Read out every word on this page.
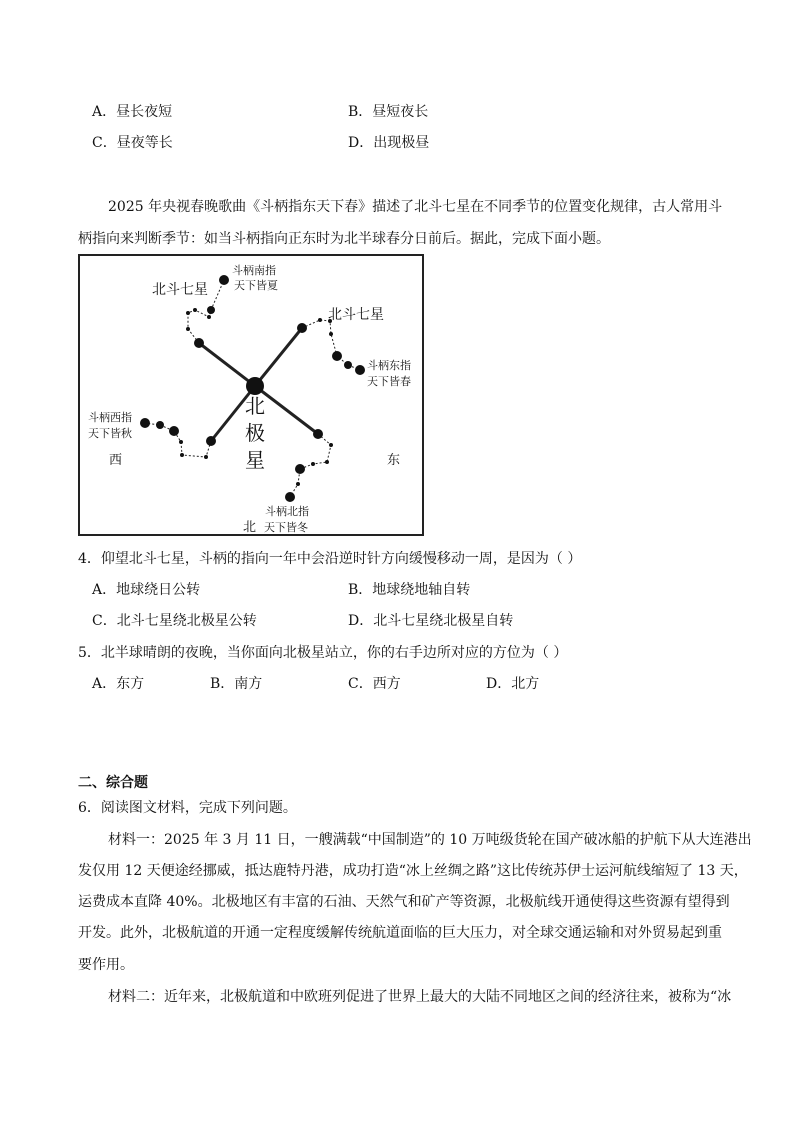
A．昼长夜短	B．昼短夜长
C．昼夜等长	D．出现极昼
2025 年央视春晚歌曲《斗柄指东天下春》描述了北斗七星在不同季节的位置变化规律，古人常用斗
柄指向来判断季节：如当斗柄指向正东时为北半球春分日前后。据此，完成下面小题。
北斗七星
北斗七星
斗柄南指
天下皆夏
斗柄东指
天下皆春
斗柄西指
天下皆秋
斗柄北指
天下皆冬
北
极
星
西	东
北
4．仰望北斗七星，斗柄的指向一年中会沿逆时针方向缓慢移动一周，是因为（ ）
A．地球绕日公转	B．地球绕地轴自转
C．北斗七星绕北极星公转	D．北斗七星绕北极星自转
5．北半球晴朗的夜晚，当你面向北极星站立，你的右手边所对应的方位为（ ）
A．东方	B．南方	C．西方	D．北方
二、综合题
6．阅读图文材料，完成下列问题。
材料一：2025 年 3 月 11 日，一艘满载“中国制造”的 10 万吨级货轮在国产破冰船的护航下从大连港出
发仅用 12 天便途经挪威，抵达鹿特丹港，成功打造“冰上丝绸之路”这比传统苏伊士运河航线缩短了 13 天，
运费成本直降 40%。北极地区有丰富的石油、天然气和矿产等资源，北极航线开通使得这些资源有望得到
开发。此外，北极航道的开通一定程度缓解传统航道面临的巨大压力，对全球交通运输和对外贸易起到重
要作用。
材料二：近年来，北极航道和中欧班列促进了世界上最大的大陆不同地区之间的经济往来，被称为“冰
